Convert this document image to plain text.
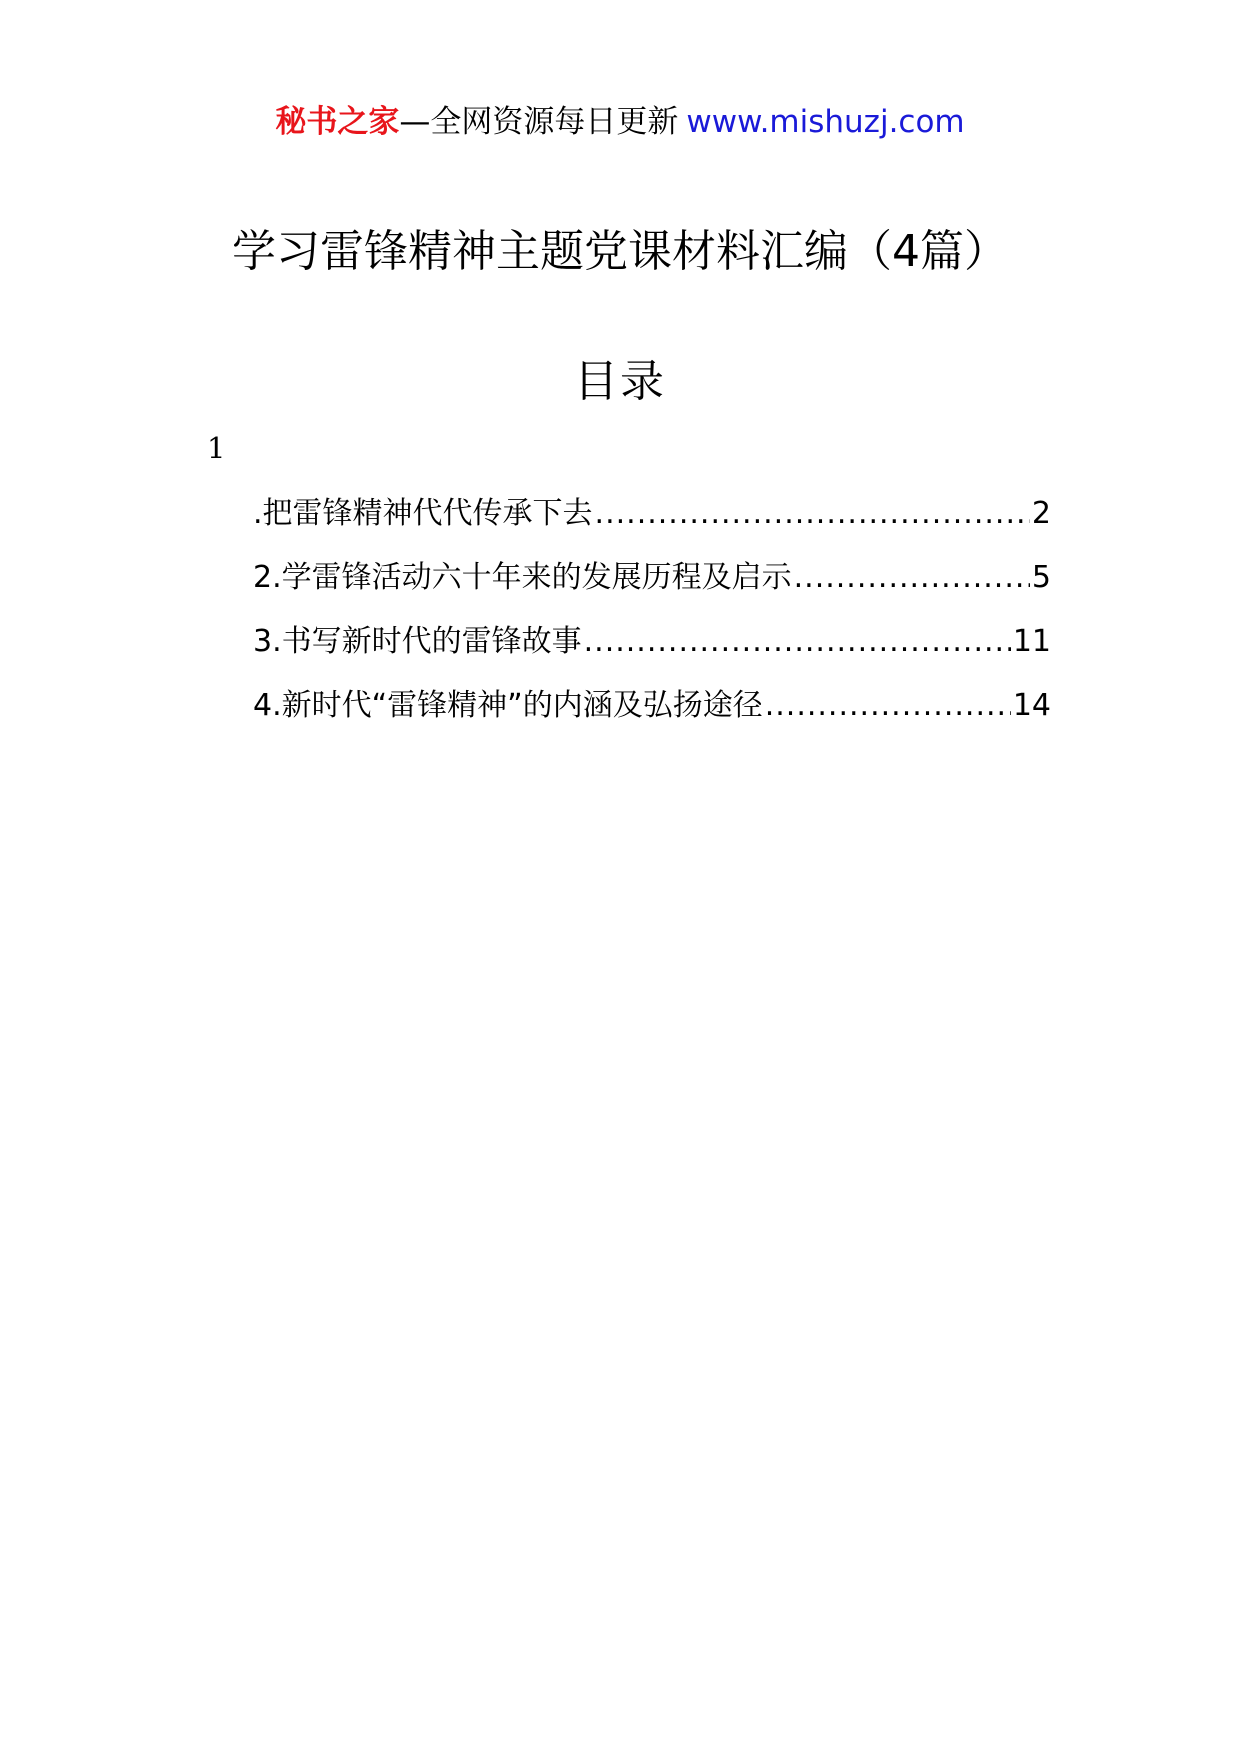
秘书之家—全网资源每日更新 www.mishuzj.com
学习雷锋精神主题党课材料汇编（4篇）
目录
1
.把雷锋精神代代传承下去 .....	2
2.学雷锋活动六十年来的发展历程及启示 .....	5
3.书写新时代的雷锋故事 .....	11
4.新时代“雷锋精神”的内涵及弘扬途径 .....	14
